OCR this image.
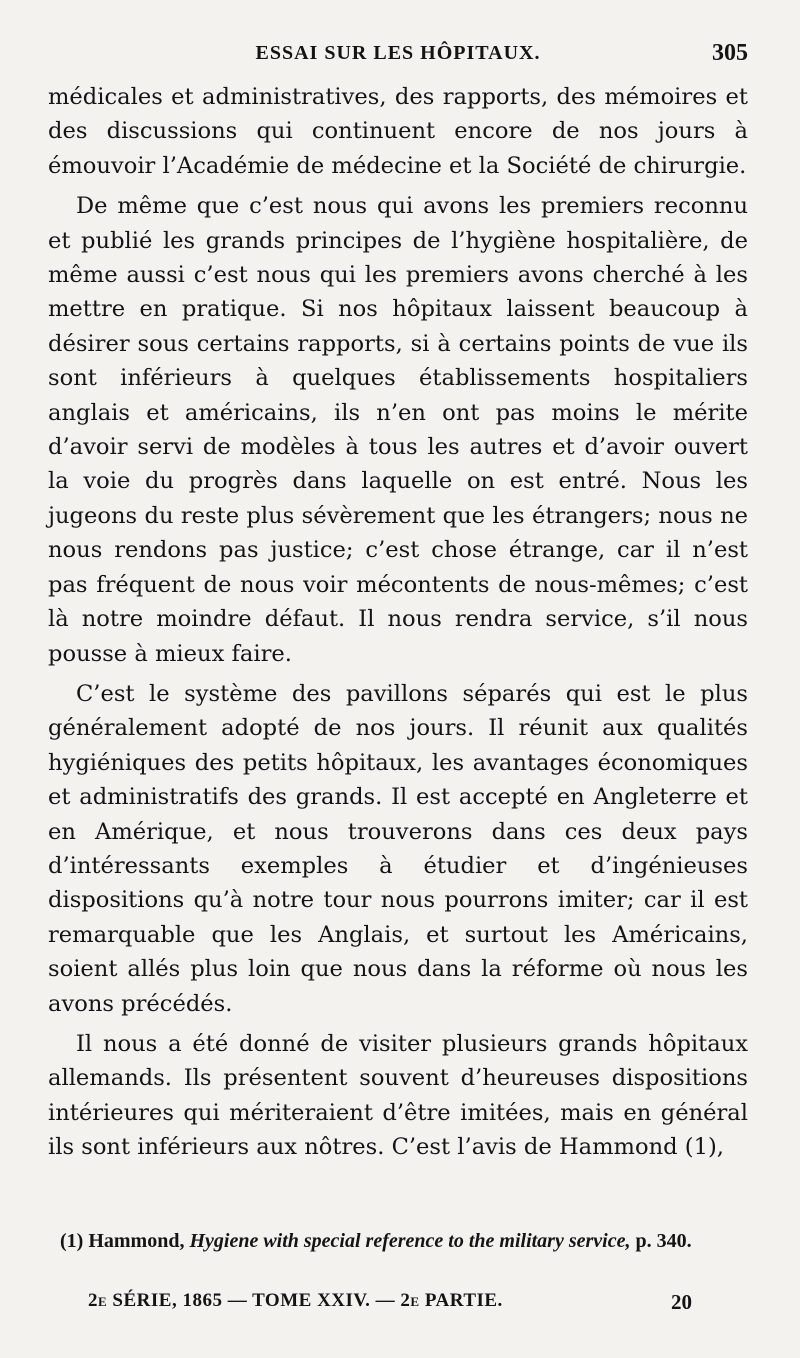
ESSAI SUR LES HÔPITAUX.	305

médicales et administratives, des rapports, des mémoires et des discussions qui continuent encore de nos jours à émouvoir l’Académie de médecine et la Société de chirurgie.

De même que c’est nous qui avons les premiers reconnu et publié les grands principes de l’hygiène hospitalière, de même aussi c’est nous qui les premiers avons cherché à les mettre en pratique. Si nos hôpitaux laissent beaucoup à désirer sous certains rapports, si à certains points de vue ils sont inférieurs à quelques établissements hospitaliers anglais et américains, ils n’en ont pas moins le mérite d’avoir servi de modèles à tous les autres et d’avoir ouvert la voie du progrès dans laquelle on est entré. Nous les jugeons du reste plus sévèrement que les étrangers; nous ne nous rendons pas justice; c’est chose étrange, car il n’est pas fréquent de nous voir mécontents de nous-mêmes; c’est là notre moindre défaut. Il nous rendra service, s’il nous pousse à mieux faire.

C’est le système des pavillons séparés qui est le plus généralement adopté de nos jours. Il réunit aux qualités hygiéniques des petits hôpitaux, les avantages économiques et administratifs des grands. Il est accepté en Angleterre et en Amérique, et nous trouverons dans ces deux pays d’intéressants exemples à étudier et d’ingénieuses dispositions qu’à notre tour nous pourrons imiter; car il est remarquable que les Anglais, et surtout les Américains, soient allés plus loin que nous dans la réforme où nous les avons précédés.

Il nous a été donné de visiter plusieurs grands hôpitaux allemands. Ils présentent souvent d’heureuses dispositions intérieures qui mériteraient d’être imitées, mais en général ils sont inférieurs aux nôtres. C’est l’avis de Hammond (1),

(1) Hammond, Hygiene with special reference to the military service, p. 340.
2e SÉRIE, 1865 — TOME XXIV. — 2e PARTIE.	20
